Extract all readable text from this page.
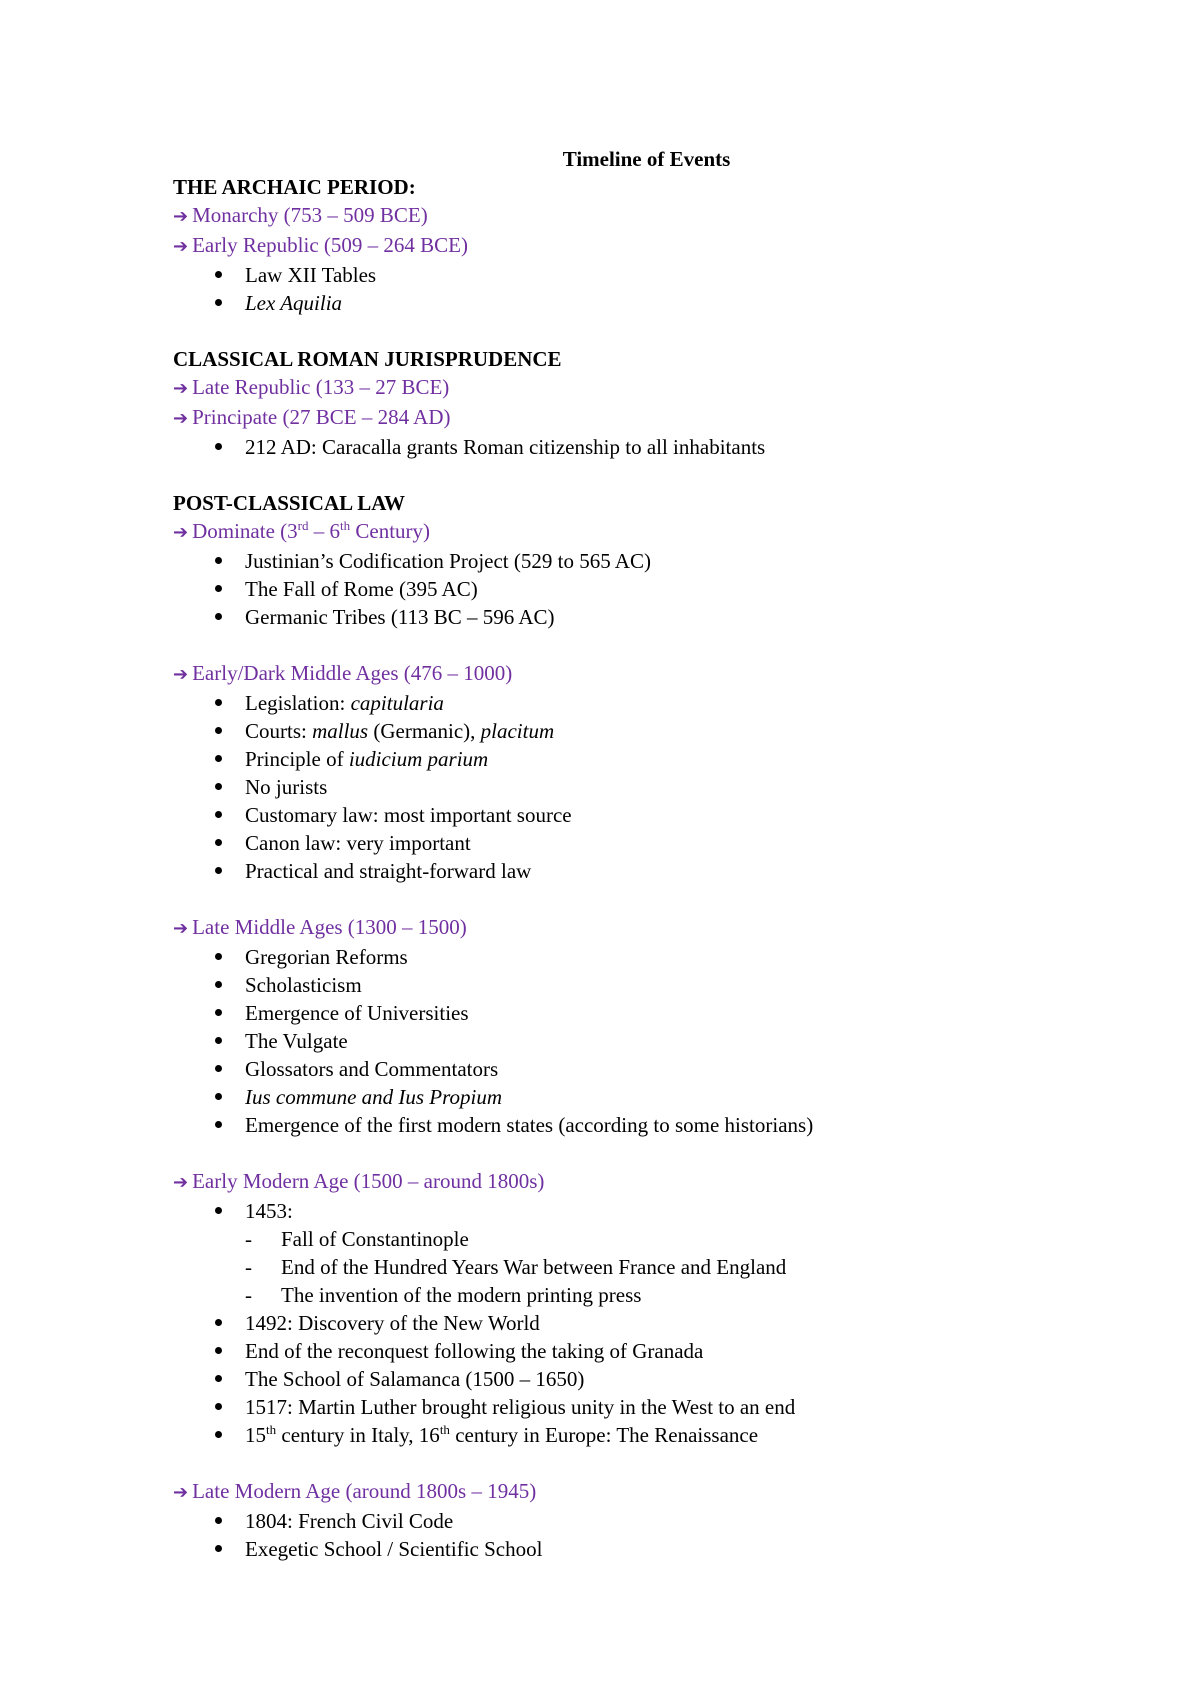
Timeline of Events

THE ARCHAIC PERIOD:
➔ Monarchy (753 – 509 BCE)
➔ Early Republic (509 – 264 BCE)
Law XII Tables
Lex Aquilia
CLASSICAL ROMAN JURISPRUDENCE
➔ Late Republic (133 – 27 BCE)
➔ Principate (27 BCE – 284 AD)
212 AD: Caracalla grants Roman citizenship to all inhabitants
POST-CLASSICAL LAW
➔ Dominate (3rd – 6th Century)
Justinian’s Codification Project (529 to 565 AC)
The Fall of Rome (395 AC)
Germanic Tribes (113 BC – 596 AC)
➔ Early/Dark Middle Ages (476 – 1000)
Legislation: capitularia
Courts: mallus (Germanic), placitum
Principle of iudicium parium
No jurists
Customary law: most important source
Canon law: very important
Practical and straight-forward law
➔ Late Middle Ages (1300 – 1500)
Gregorian Reforms
Scholasticism
Emergence of Universities
The Vulgate
Glossators and Commentators
Ius commune and Ius Propium
Emergence of the first modern states (according to some historians)
➔ Early Modern Age (1500 – around 1800s)
1453:
- Fall of Constantinople
- End of the Hundred Years War between France and England
- The invention of the modern printing press
1492: Discovery of the New World
End of the reconquest following the taking of Granada
The School of Salamanca (1500 – 1650)
1517: Martin Luther brought religious unity in the West to an end
15th century in Italy, 16th century in Europe: The Renaissance
➔ Late Modern Age (around 1800s – 1945)
1804: French Civil Code
Exegetic School / Scientific School
